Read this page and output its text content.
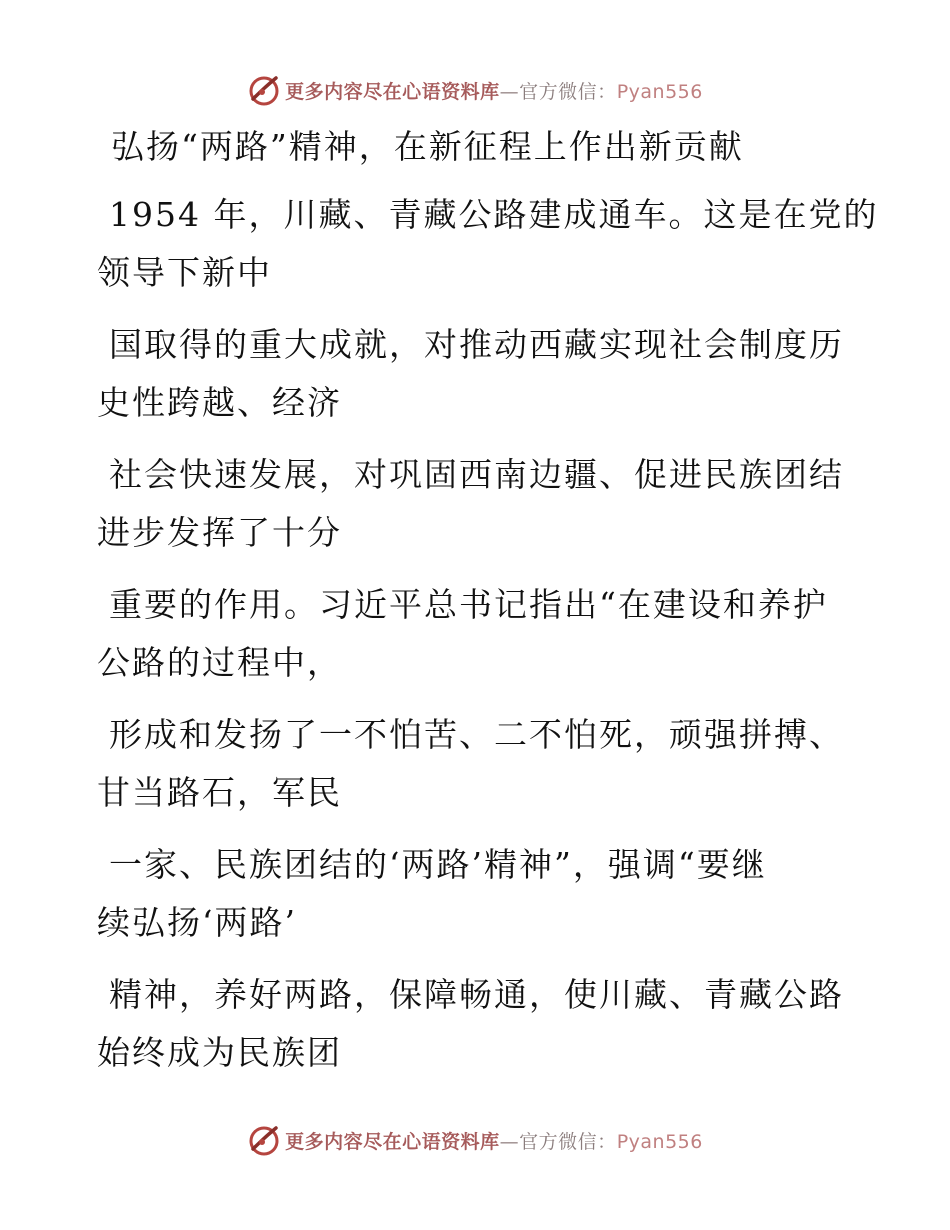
更多内容尽在心语资料库—官方微信：Pyan556
弘扬“两路”精神，在新征程上作出新贡献
1954 年，川藏、青藏公路建成通车。这是在党的
领导下新中
国取得的重大成就，对推动西藏实现社会制度历
史性跨越、经济
社会快速发展，对巩固西南边疆、促进民族团结
进步发挥了十分
重要的作用。习近平总书记指出“在建设和养护
公路的过程中，
形成和发扬了一不怕苦、二不怕死，顽强拼搏、
甘当路石，军民
一家、民族团结的‘两路’精神”，强调“要继
续弘扬‘两路’
精神，养好两路，保障畅通，使川藏、青藏公路
始终成为民族团
更多内容尽在心语资料库—官方微信：Pyan556
